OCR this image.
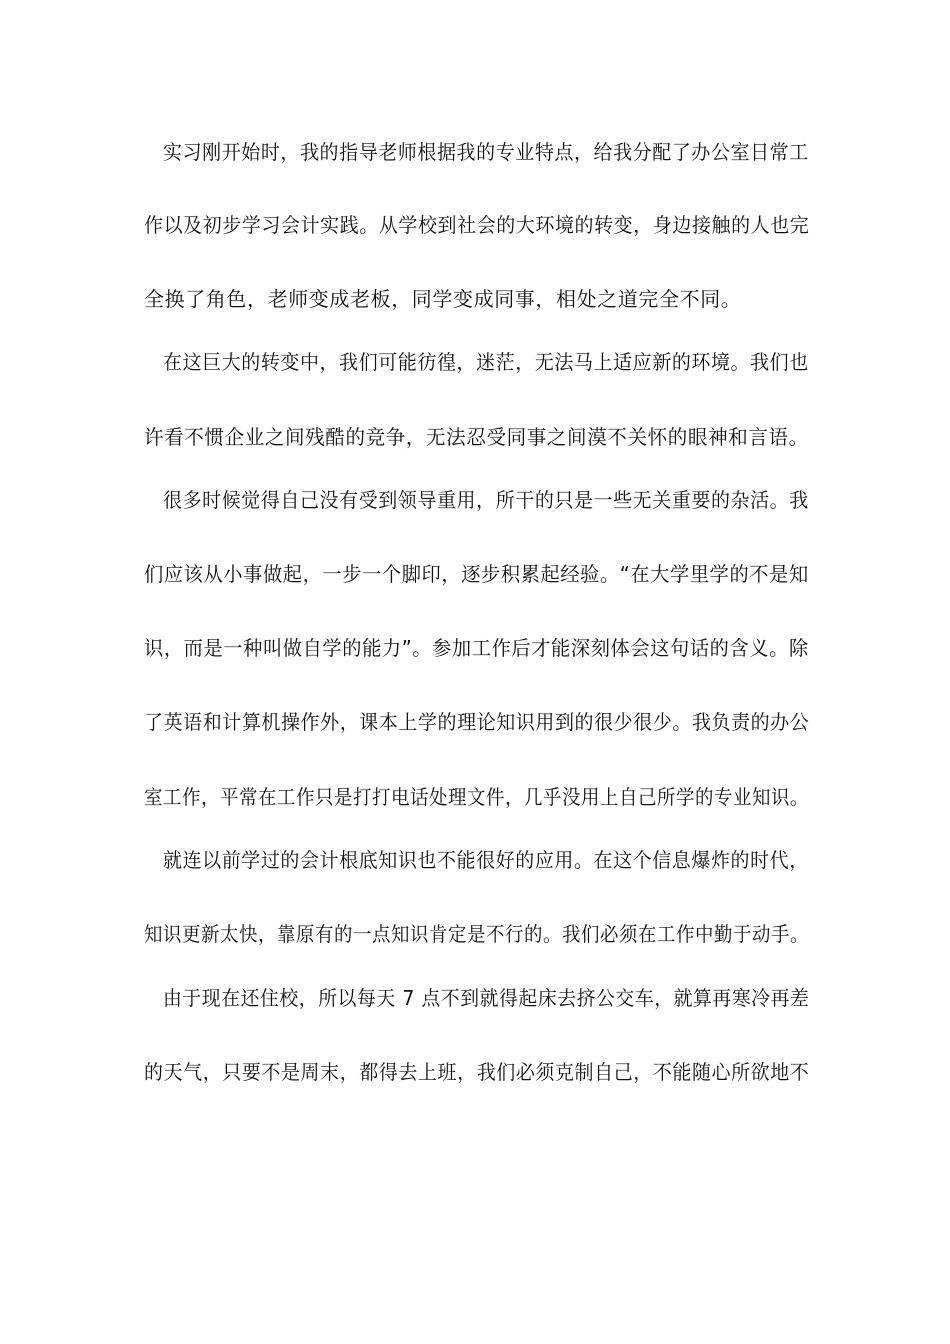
实习刚开始时，我的指导老师根据我的专业特点，给我分配了办公室日常工
作以及初步学习会计实践。从学校到社会的大环境的转变，身边接触的人也完
全换了角色，老师变成老板，同学变成同事，相处之道完全不同。
在这巨大的转变中，我们可能彷徨，迷茫，无法马上适应新的环境。我们也
许看不惯企业之间残酷的竞争，无法忍受同事之间漠不关怀的眼神和言语。
很多时候觉得自己没有受到领导重用，所干的只是一些无关重要的杂活。我
们应该从小事做起，一步一个脚印，逐步积累起经验。“在大学里学的不是知
识，而是一种叫做自学的能力”。参加工作后才能深刻体会这句话的含义。除
了英语和计算机操作外，课本上学的理论知识用到的很少很少。我负责的办公
室工作，平常在工作只是打打电话处理文件，几乎没用上自己所学的专业知识。
就连以前学过的会计根底知识也不能很好的应用。在这个信息爆炸的时代，
知识更新太快，靠原有的一点知识肯定是不行的。我们必须在工作中勤于动手。
由于现在还住校，所以每天 7 点不到就得起床去挤公交车，就算再寒冷再差
的天气，只要不是周末，都得去上班，我们必须克制自己，不能随心所欲地不
